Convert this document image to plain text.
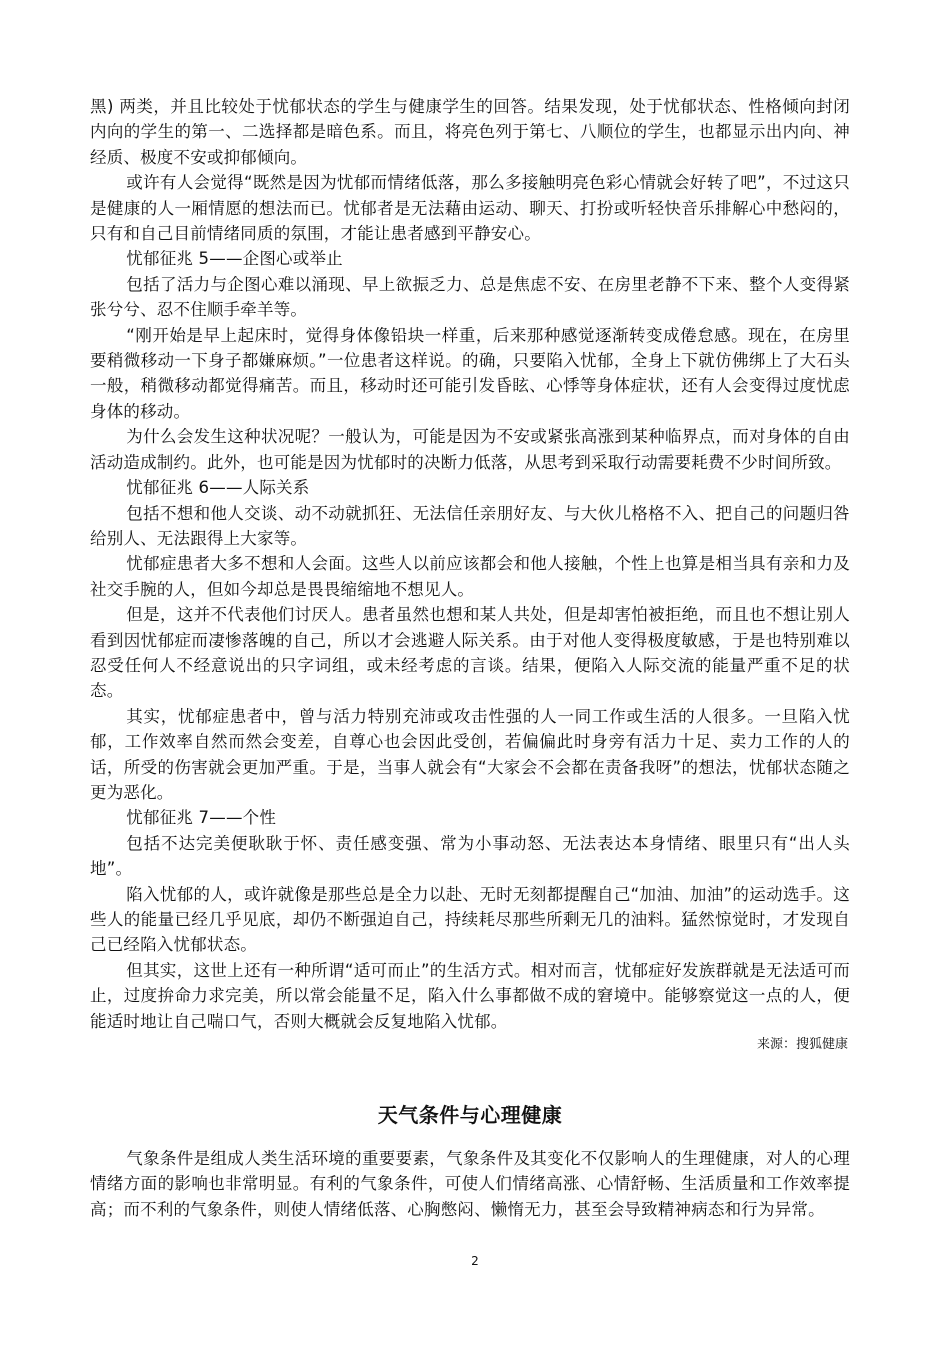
黑) 两类，并且比较处于忧郁状态的学生与健康学生的回答。结果发现，处于忧郁状态、性格倾向封闭内向的学生的第一、二选择都是暗色系。而且，将亮色列于第七、八顺位的学生，也都显示出内向、神经质、极度不安或抑郁倾向。

或许有人会觉得“既然是因为忧郁而情绪低落，那么多接触明亮色彩心情就会好转了吧”，不过这只是健康的人一厢情愿的想法而已。忧郁者是无法藉由运动、聊天、打扮或听轻快音乐排解心中愁闷的，只有和自己目前情绪同质的氛围，才能让患者感到平静安心。

忧郁征兆 5——企图心或举止

包括了活力与企图心难以涌现、早上欲振乏力、总是焦虑不安、在房里老静不下来、整个人变得紧张兮兮、忍不住顺手牵羊等。

“刚开始是早上起床时，觉得身体像铅块一样重，后来那种感觉逐渐转变成倦怠感。现在，在房里要稍微移动一下身子都嫌麻烦。”一位患者这样说。的确，只要陷入忧郁，全身上下就仿佛绑上了大石头一般，稍微移动都觉得痛苦。而且，移动时还可能引发昏眩、心悸等身体症状，还有人会变得过度忧虑身体的移动。

为什么会发生这种状况呢？一般认为，可能是因为不安或紧张高涨到某种临界点，而对身体的自由活动造成制约。此外，也可能是因为忧郁时的决断力低落，从思考到采取行动需要耗费不少时间所致。

忧郁征兆 6——人际关系

包括不想和他人交谈、动不动就抓狂、无法信任亲朋好友、与大伙儿格格不入、把自己的问题归咎给别人、无法跟得上大家等。

忧郁症患者大多不想和人会面。这些人以前应该都会和他人接触，个性上也算是相当具有亲和力及社交手腕的人，但如今却总是畏畏缩缩地不想见人。

但是，这并不代表他们讨厌人。患者虽然也想和某人共处，但是却害怕被拒绝，而且也不想让别人看到因忧郁症而凄惨落魄的自己，所以才会逃避人际关系。由于对他人变得极度敏感，于是也特别难以忍受任何人不经意说出的只字词组，或未经考虑的言谈。结果，便陷入人际交流的能量严重不足的状态。

其实，忧郁症患者中，曾与活力特别充沛或攻击性强的人一同工作或生活的人很多。一旦陷入忧郁，工作效率自然而然会变差，自尊心也会因此受创，若偏偏此时身旁有活力十足、卖力工作的人的话，所受的伤害就会更加严重。于是，当事人就会有“大家会不会都在责备我呀”的想法，忧郁状态随之更为恶化。

忧郁征兆 7——个性

包括不达完美便耿耿于怀、责任感变强、常为小事动怒、无法表达本身情绪、眼里只有“出人头地”。

陷入忧郁的人，或许就像是那些总是全力以赴、无时无刻都提醒自己“加油、加油”的运动选手。这些人的能量已经几乎见底，却仍不断强迫自己，持续耗尽那些所剩无几的油料。猛然惊觉时，才发现自己已经陷入忧郁状态。

但其实，这世上还有一种所谓“适可而止”的生活方式。相对而言，忧郁症好发族群就是无法适可而止，过度拚命力求完美，所以常会能量不足，陷入什么事都做不成的窘境中。能够察觉这一点的人，便能适时地让自己喘口气，否则大概就会反复地陷入忧郁。

来源：搜狐健康

天气条件与心理健康

气象条件是组成人类生活环境的重要要素，气象条件及其变化不仅影响人的生理健康，对人的心理情绪方面的影响也非常明显。有利的气象条件，可使人们情绪高涨、心情舒畅、生活质量和工作效率提高；而不利的气象条件，则使人情绪低落、心胸憋闷、懒惰无力，甚至会导致精神病态和行为异常。

2
